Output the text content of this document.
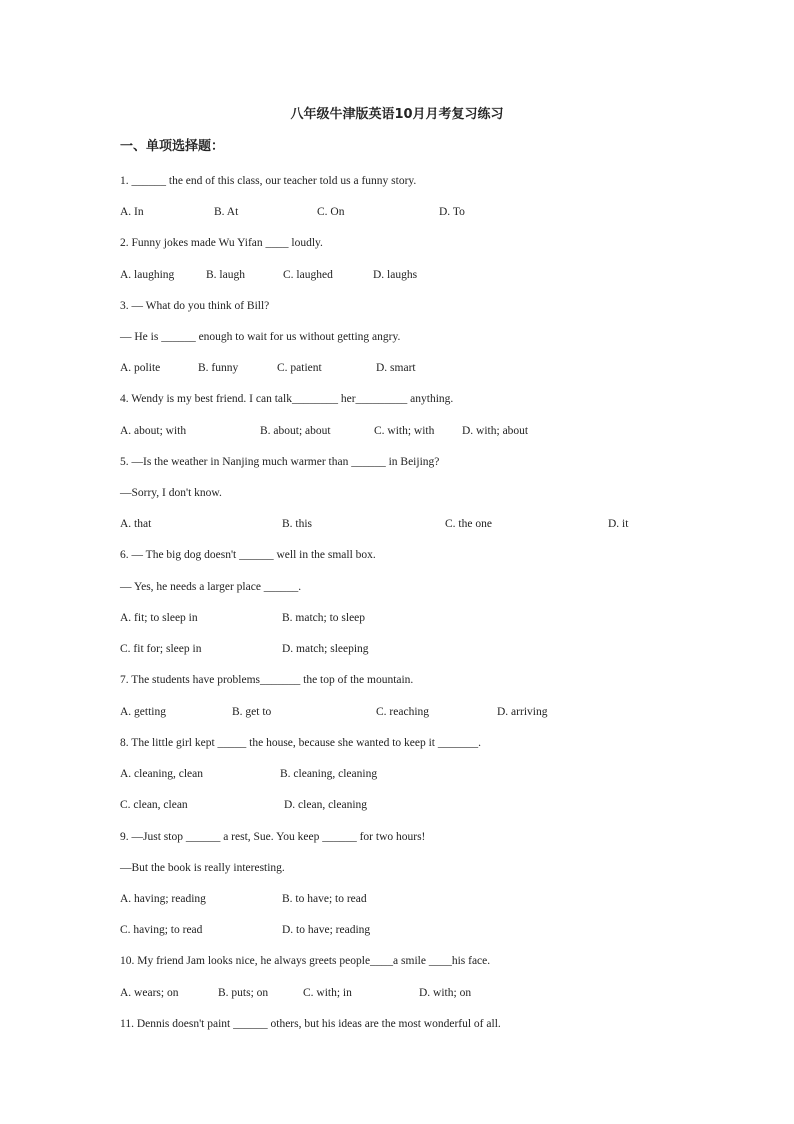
八年级牛津版英语10月月考复习练习
一、单项选择题：
1. ______ the end of this class, our teacher told us a funny story.
A. In	B. At	C. On	D. To
2. Funny jokes made Wu Yifan ____ loudly.
A. laughing	B. laugh	C. laughed	D. laughs
3. — What do you think of Bill?
— He is ______ enough to wait for us without getting angry.
A. polite	B. funny	C. patient	D. smart
4. Wendy is my best friend. I can talk________ her_________ anything.
A. about; with	B. about; about	C. with; with D. with; about
5. —Is the weather in Nanjing much warmer than ______ in Beijing?
—Sorry, I don't know.
A. that	B. this	C. the one	D. it
6. — The big dog doesn't ______ well in the small box.
— Yes, he needs a larger place ______.
A. fit; to sleep in	B. match; to sleep
C. fit for; sleep in	D. match; sleeping
7. The students have problems_______ the top of the mountain.
A. getting	B. get to	C. reaching	D. arriving
8. The little girl kept _____ the house, because she wanted to keep it _______.
A. cleaning, clean	B. cleaning, cleaning
C. clean, clean	D. clean, cleaning
9. —Just stop ______ a rest, Sue. You keep ______ for two hours!
—But the book is really interesting.
A. having; reading	B. to have; to read
C. having; to read	D. to have; reading
10. My friend Jam looks nice, he always greets people____a smile ____his face.
A. wears; on	B. puts; on	C. with; in	D. with; on
11. Dennis doesn't paint ______ others, but his ideas are the most wonderful of all.
